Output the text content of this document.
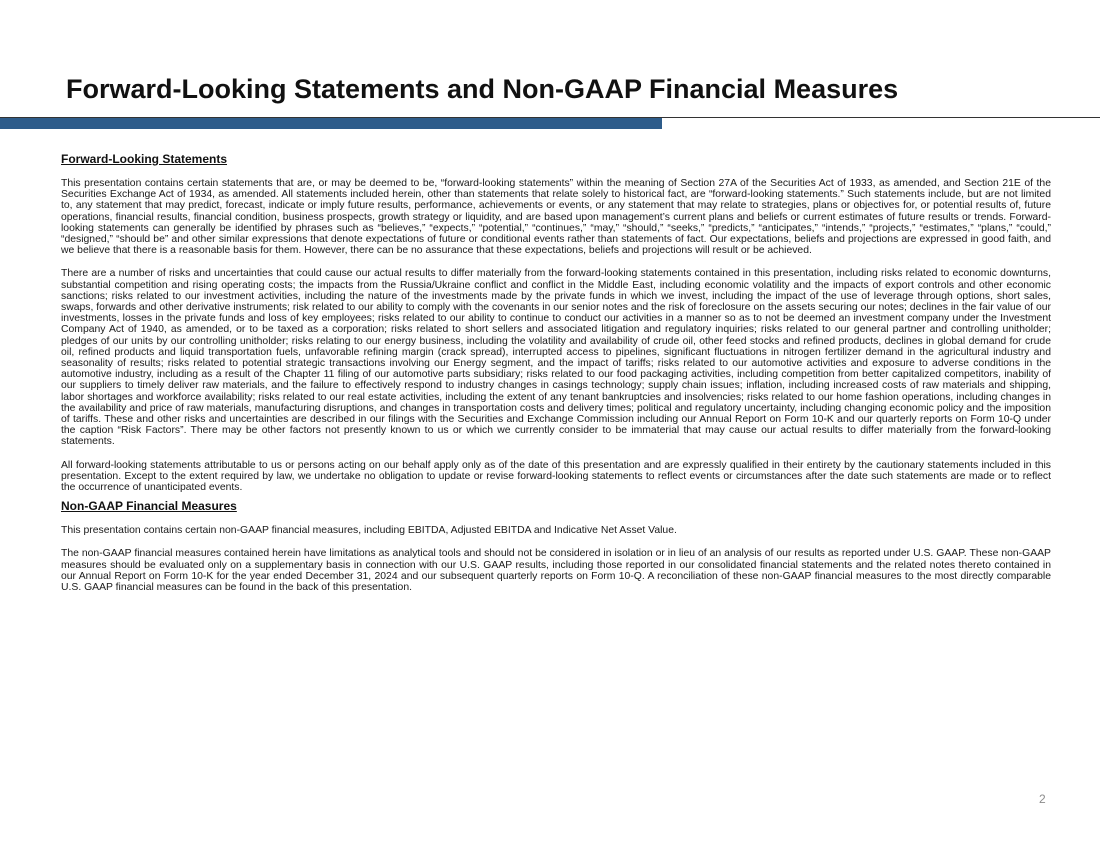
Forward-Looking Statements and Non-GAAP Financial Measures
Forward-Looking Statements

This presentation contains certain statements that are, or may be deemed to be, “forward-looking statements” within the meaning of Section 27A of the Securities Act of 1933, as amended, and Section 21E of the Securities Exchange Act of 1934, as amended. All statements included herein, other than statements that relate solely to historical fact, are “forward-looking statements.” Such statements include, but are not limited to, any statement that may predict, forecast, indicate or imply future results, performance, achievements or events, or any statement that may relate to strategies, plans or objectives for, or potential results of, future operations, financial results, financial condition, business prospects, growth strategy or liquidity, and are based upon management’s current plans and beliefs or current estimates of future results or trends. Forward-looking statements can generally be identified by phrases such as “believes,” “expects,” “potential,” “continues,” “may,” “should,” “seeks,” “predicts,” “anticipates,” “intends,” “projects,” “estimates,” “plans,” “could,” “designed,” “should be” and other similar expressions that denote expectations of future or conditional events rather than statements of fact. Our expectations, beliefs and projections are expressed in good faith, and we believe that there is a reasonable basis for them. However, there can be no assurance that these expectations, beliefs and projections will result or be achieved.

There are a number of risks and uncertainties that could cause our actual results to differ materially from the forward-looking statements contained in this presentation, including risks related to economic downturns, substantial competition and rising operating costs; the impacts from the Russia/Ukraine conflict and conflict in the Middle East, including economic volatility and the impacts of export controls and other economic sanctions; risks related to our investment activities, including the nature of the investments made by the private funds in which we invest, including the impact of the use of leverage through options, short sales, swaps, forwards and other derivative instruments; risk related to our ability to comply with the covenants in our senior notes and the risk of foreclosure on the assets securing our notes; declines in the fair value of our investments, losses in the private funds and loss of key employees; risks related to our ability to continue to conduct our activities in a manner so as to not be deemed an investment company under the Investment Company Act of 1940, as amended, or to be taxed as a corporation; risks related to short sellers and associated litigation and regulatory inquiries; risks related to our general partner and controlling unitholder; pledges of our units by our controlling unitholder; risks relating to our energy business, including the volatility and availability of crude oil, other feed stocks and refined products, declines in global demand for crude oil, refined products and liquid transportation fuels, unfavorable refining margin (crack spread), interrupted access to pipelines, significant fluctuations in nitrogen fertilizer demand in the agricultural industry and seasonality of results; risks related to potential strategic transactions involving our Energy segment, and the impact of tariffs; risks related to our automotive activities and exposure to adverse conditions in the automotive industry, including as a result of the Chapter 11 filing of our automotive parts subsidiary; risks related to our food packaging activities, including competition from better capitalized competitors, inability of our suppliers to timely deliver raw materials, and the failure to effectively respond to industry changes in casings technology; supply chain issues; inflation, including increased costs of raw materials and shipping, labor shortages and workforce availability; risks related to our real estate activities, including the extent of any tenant bankruptcies and insolvencies; risks related to our home fashion operations, including changes in the availability and price of raw materials, manufacturing disruptions, and changes in transportation costs and delivery times; political and regulatory uncertainty, including changing economic policy and the imposition of tariffs. These and other risks and uncertainties are described in our filings with the Securities and Exchange Commission including our Annual Report on Form 10-K and our quarterly reports on Form 10-Q under the caption “Risk Factors”. There may be other factors not presently known to us or which we currently consider to be immaterial that may cause our actual results to differ materially from the forward-looking statements.

All forward-looking statements attributable to us or persons acting on our behalf apply only as of the date of this presentation and are expressly qualified in their entirety by the cautionary statements included in this presentation. Except to the extent required by law, we undertake no obligation to update or revise forward-looking statements to reflect events or circumstances after the date such statements are made or to reflect the occurrence of unanticipated events.

Non-GAAP Financial Measures

This presentation contains certain non-GAAP financial measures, including EBITDA, Adjusted EBITDA and Indicative Net Asset Value.

The non-GAAP financial measures contained herein have limitations as analytical tools and should not be considered in isolation or in lieu of an analysis of our results as reported under U.S. GAAP. These non-GAAP measures should be evaluated only on a supplementary basis in connection with our U.S. GAAP results, including those reported in our consolidated financial statements and the related notes thereto contained in our Annual Report on Form 10-K for the year ended December 31, 2024 and our subsequent quarterly reports on Form 10-Q. A reconciliation of these non-GAAP financial measures to the most directly comparable U.S. GAAP financial measures can be found in the back of this presentation.

2
